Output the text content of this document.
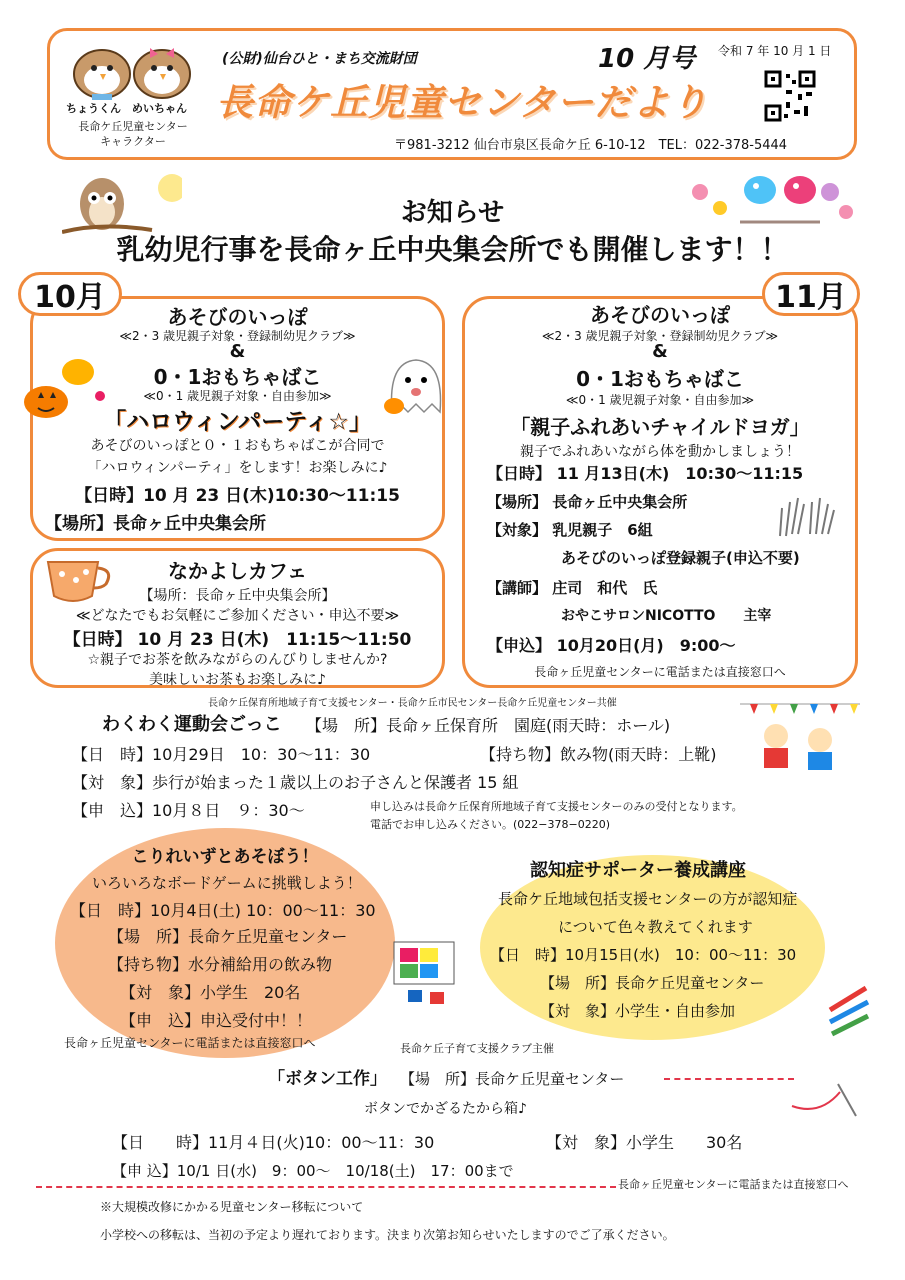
ちょうくん　めいちゃん
長命ケ丘児童センター
キャラクター
(公財)仙台ひと・まち交流財団
長命ケ丘児童センターだより
10 月号 令和 7 年 10 月 1 日
〒981-3212 仙台市泉区長命ケ丘 6-10-12　TEL：022-378-5444
お知らせ
乳幼児行事を長命ヶ丘中央集会所でも開催します！！
あそびのいっぽ
≪2・3 歳児親子対象・登録制幼児クラブ≫
&
0・1おもちゃばこ
≪0・1 歳児親子対象・自由参加≫
「ハロウィンパーティ☆」
あそびのいっぽと０・１おもちゃばこが合同で
「ハロウィンパーティ」をします！お楽しみに♪
【日時】10 月 23 日(木)10:30～11:15
【場所】長命ヶ丘中央集会所
10月
なかよしカフェ
【場所：長命ヶ丘中央集会所】
≪どなたでもお気軽にご参加ください・申込不要≫
【日時】 10 月 23 日(木)　11:15～11:50
☆親子でお茶を飲みながらのんびりしませんか?
美味しいお茶もお楽しみに♪
あそびのいっぽ
≪2・3 歳児親子対象・登録制幼児クラブ≫
&
0・1おもちゃばこ
≪0・1 歳児親子対象・自由参加≫
「親子ふれあいチャイルドヨガ」
親子でふれあいながら体を動かしましょう！
【日時】 11 月13日(木)　10:30～11:15
【場所】 長命ヶ丘中央集会所
【対象】 乳児親子　6組
あそびのいっぽ登録親子(申込不要)
【講師】 庄司　和代　氏
おやこサロンNICOTTO　　主宰
【申込】 10月20日(月)　9:00～
長命ヶ丘児童センターに電話または直接窓口へ
11月
長命ケ丘保育所地域子育て支援センター・長命ケ丘市民センター長命ケ丘児童センター共催
わくわく運動会ごっこ 【場　所】長命ヶ丘保育所　園庭(雨天時：ホール)
【日　時】10月29日　10：30～11：30	【持ち物】飲み物(雨天時：上靴)
【対　象】歩行が始まった１歳以上のお子さんと保護者 15 組
【申　込】10月８日　９：30～	申し込みは長命ケ丘保育所地域子育て支援センターのみの受付となります。
電話でお申し込みください。(022−378−0220)
こりれいずとあそぼう！
いろいろなボードゲームに挑戦しよう！
【日　時】10月4日(土) 10：00～11：30
【場　所】長命ケ丘児童センター
【持ち物】水分補給用の飲み物
【対　象】小学生　20名
【申　込】申込受付中！！
長命ヶ丘児童センターに電話または直接窓口へ
認知症サポーター養成講座
長命ケ丘地域包括支援センターの方が認知症
について色々教えてくれます
【日　時】10月15日(水)　10：00～11：30
【場　所】長命ケ丘児童センター
【対　象】小学生・自由参加
長命ケ丘子育て支援クラブ主催
「ボタン工作」 【場　所】長命ケ丘児童センター
ボタンでかざるたから箱♪
【日　　時】11月４日(火)10：00～11：30	【対　象】小学生　　30名
【申 込】10/1 日(水)　9：00～　10/18(土)　17：00まで
長命ヶ丘児童センターに電話または直接窓口へ
※大規模改修にかかる児童センター移転について
小学校への移転は、当初の予定より遅れております。決まり次第お知らせいたしますのでご了承ください。
